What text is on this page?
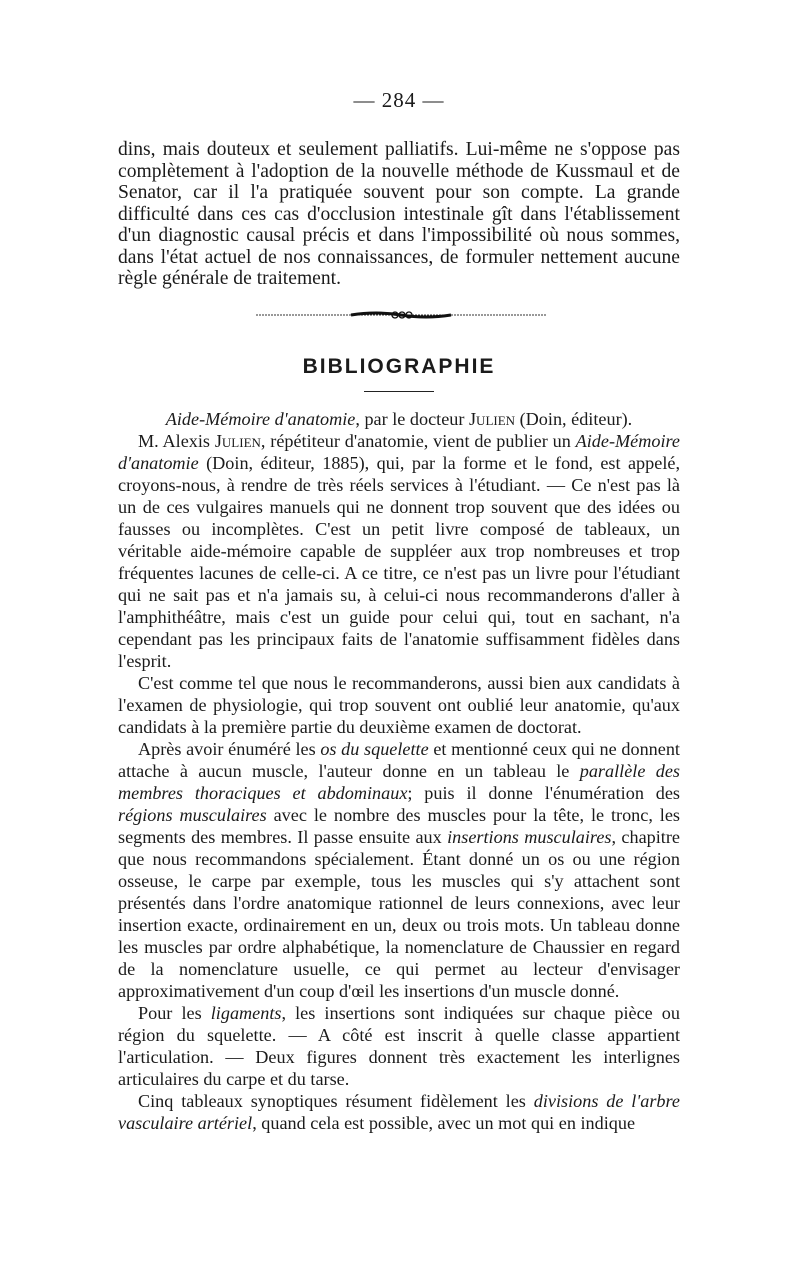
— 284 —

dins, mais douteux et seulement palliatifs. Lui-même ne s'oppose pas complètement à l'adoption de la nouvelle méthode de Kussmaul et de Senator, car il l'a pratiquée souvent pour son compte. La grande difficulté dans ces cas d'occlusion intestinale gît dans l'établissement d'un diagnostic causal précis et dans l'impossibilité où nous sommes, dans l'état actuel de nos connaissances, de formuler nettement aucune règle générale de traitement.

BIBLIOGRAPHIE

Aide-Mémoire d'anatomie, par le docteur Julien (Doin, éditeur).

M. Alexis Julien, répétiteur d'anatomie, vient de publier un Aide-Mémoire d'anatomie (Doin, éditeur, 1885), qui, par la forme et le fond, est appelé, croyons-nous, à rendre de très réels services à l'étudiant. — Ce n'est pas là un de ces vulgaires manuels qui ne donnent trop souvent que des idées ou fausses ou incomplètes. C'est un petit livre composé de tableaux, un véritable aide-mémoire capable de suppléer aux trop nombreuses et trop fréquentes lacunes de celle-ci. A ce titre, ce n'est pas un livre pour l'étudiant qui ne sait pas et n'a jamais su, à celui-ci nous recommanderons d'aller à l'amphithéâtre, mais c'est un guide pour celui qui, tout en sachant, n'a cependant pas les principaux faits de l'anatomie suffisamment fidèles dans l'esprit.

C'est comme tel que nous le recommanderons, aussi bien aux candidats à l'examen de physiologie, qui trop souvent ont oublié leur anatomie, qu'aux candidats à la première partie du deuxième examen de doctorat.

Après avoir énuméré les os du squelette et mentionné ceux qui ne donnent attache à aucun muscle, l'auteur donne en un tableau le parallèle des membres thoraciques et abdominaux; puis il donne l'énumération des régions musculaires avec le nombre des muscles pour la tête, le tronc, les segments des membres. Il passe ensuite aux insertions musculaires, chapitre que nous recommandons spécialement. Étant donné un os ou une région osseuse, le carpe par exemple, tous les muscles qui s'y attachent sont présentés dans l'ordre anatomique rationnel de leurs connexions, avec leur insertion exacte, ordinairement en un, deux ou trois mots. Un tableau donne les muscles par ordre alphabétique, la nomenclature de Chaussier en regard de la nomenclature usuelle, ce qui permet au lecteur d'envisager approximativement d'un coup d'œil les insertions d'un muscle donné.

Pour les ligaments, les insertions sont indiquées sur chaque pièce ou région du squelette. — A côté est inscrit à quelle classe appartient l'articulation. — Deux figures donnent très exactement les interlignes articulaires du carpe et du tarse.

Cinq tableaux synoptiques résument fidèlement les divisions de l'arbre vasculaire artériel, quand cela est possible, avec un mot qui en indique
